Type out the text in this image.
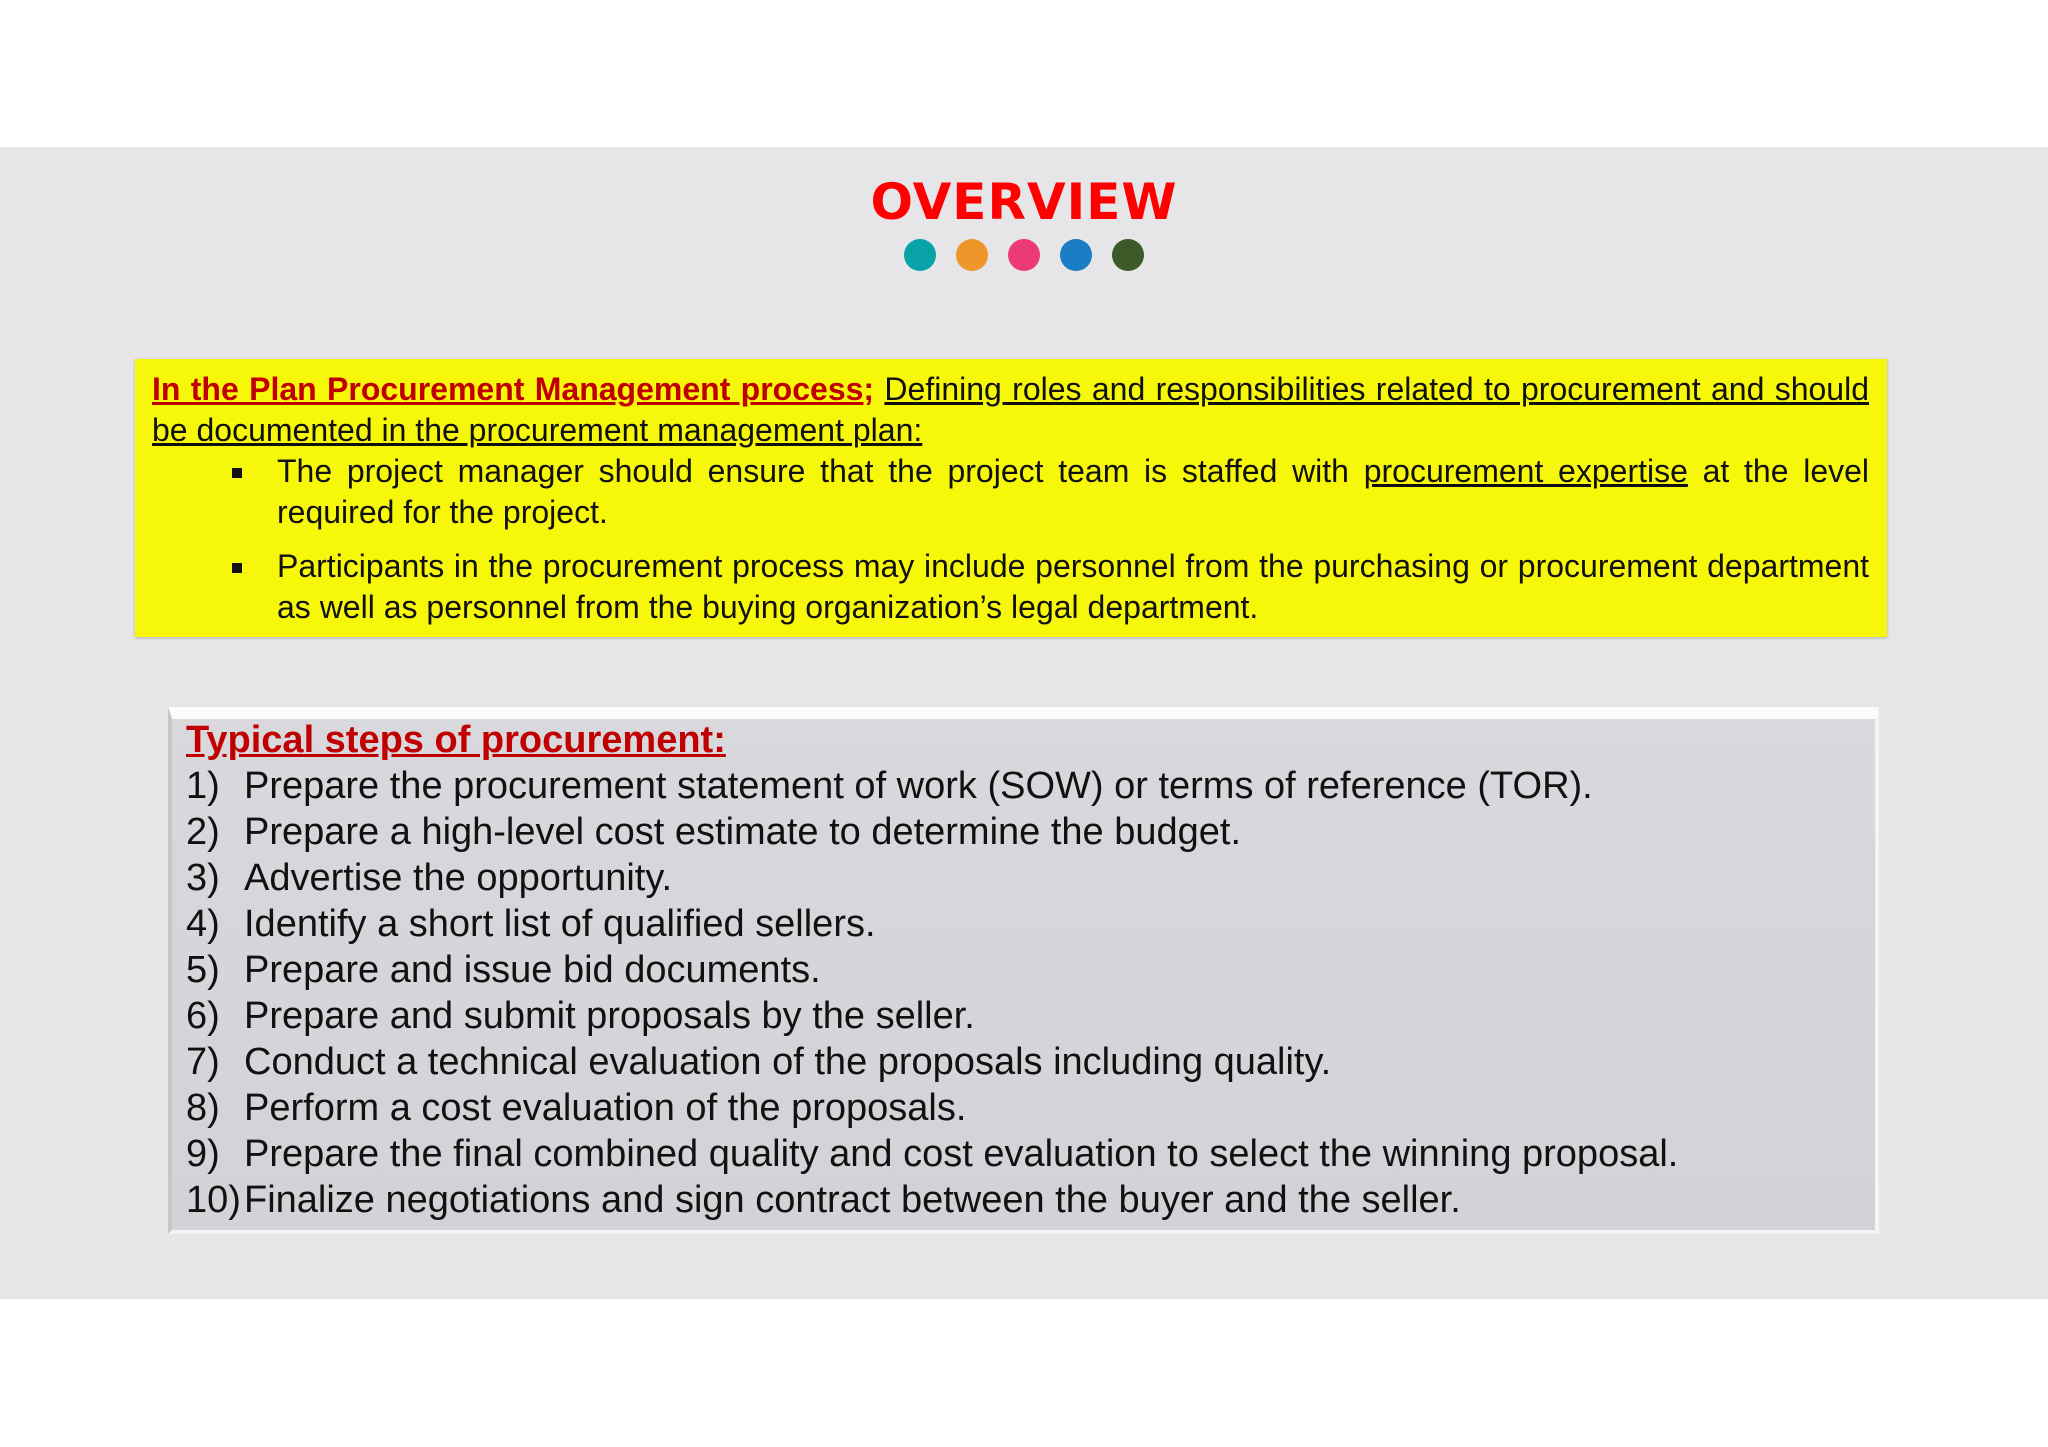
OVERVIEW
In the Plan Procurement Management process; Defining roles and responsibilities related to procurement and should be documented in the procurement management plan:
The project manager should ensure that the project team is staffed with procurement expertise at the level required for the project.
Participants in the procurement process may include personnel from the purchasing or procurement department as well as personnel from the buying organization’s legal department.
Typical steps of procurement:
1) Prepare the procurement statement of work (SOW) or terms of reference (TOR).
2) Prepare a high-level cost estimate to determine the budget.
3) Advertise the opportunity.
4) Identify a short list of qualified sellers.
5) Prepare and issue bid documents.
6) Prepare and submit proposals by the seller.
7) Conduct a technical evaluation of the proposals including quality.
8) Perform a cost evaluation of the proposals.
9) Prepare the final combined quality and cost evaluation to select the winning proposal.
10) Finalize negotiations and sign contract between the buyer and the seller.
